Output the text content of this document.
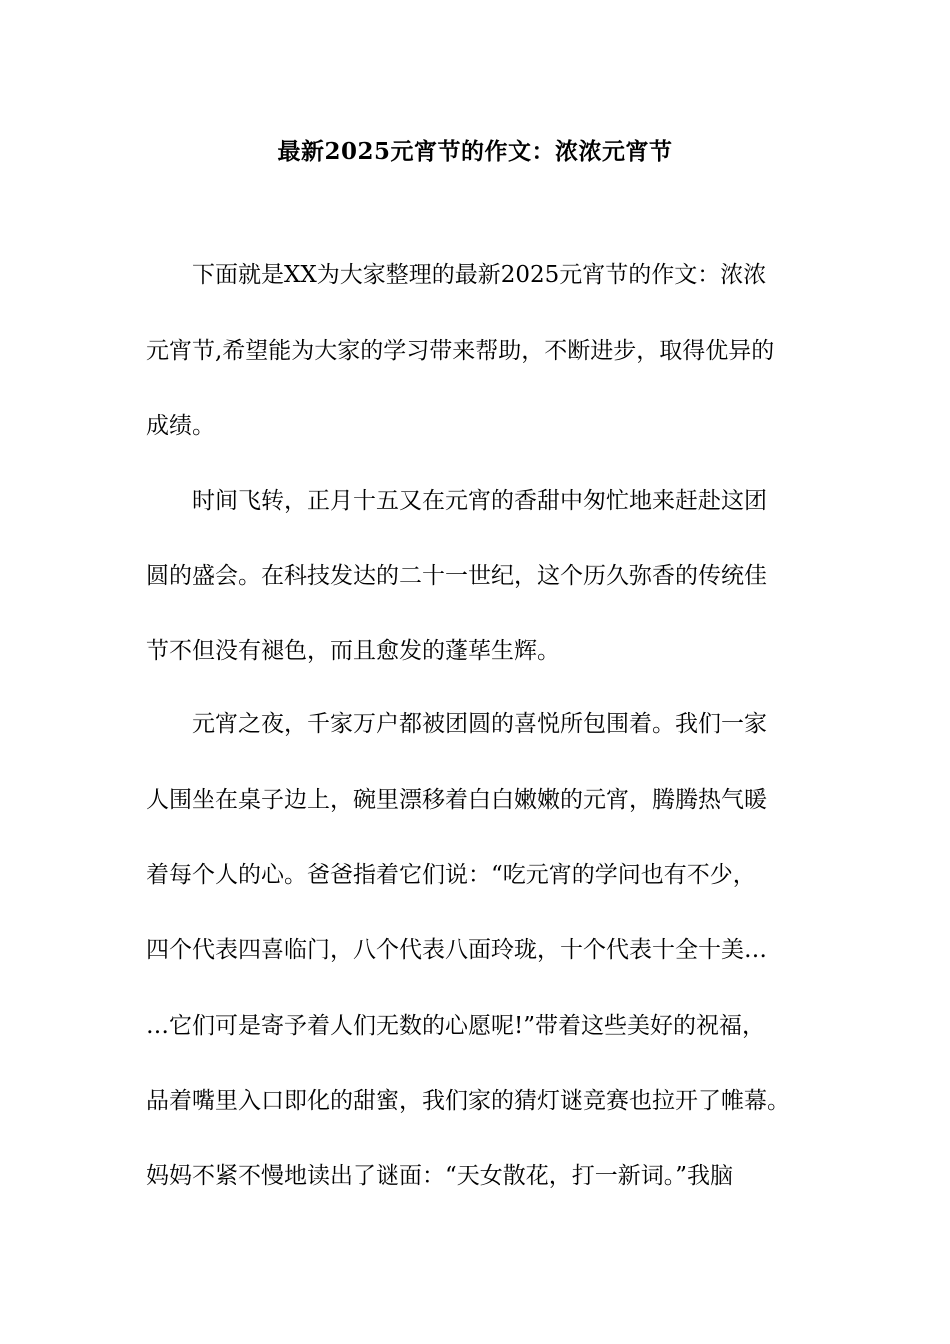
最新2025元宵节的作文：浓浓元宵节

　　下面就是XX为大家整理的最新2025元宵节的作文：浓浓

元宵节,希望能为大家的学习带来帮助，不断进步，取得优异的

成绩。

　　时间飞转，正月十五又在元宵的香甜中匆忙地来赶赴这团

圆的盛会。在科技发达的二十一世纪，这个历久弥香的传统佳

节不但没有褪色，而且愈发的蓬荜生辉。

　　元宵之夜，千家万户都被团圆的喜悦所包围着。我们一家

人围坐在桌子边上，碗里漂移着白白嫩嫩的元宵，腾腾热气暖

着每个人的心。爸爸指着它们说：“吃元宵的学问也有不少，

四个代表四喜临门，八个代表八面玲珑，十个代表十全十美…

…它们可是寄予着人们无数的心愿呢!”带着这些美好的祝福，

品着嘴里入口即化的甜蜜，我们家的猜灯谜竞赛也拉开了帷幕。

妈妈不紧不慢地读出了谜面：“天女散花，打一新词。”我脑
